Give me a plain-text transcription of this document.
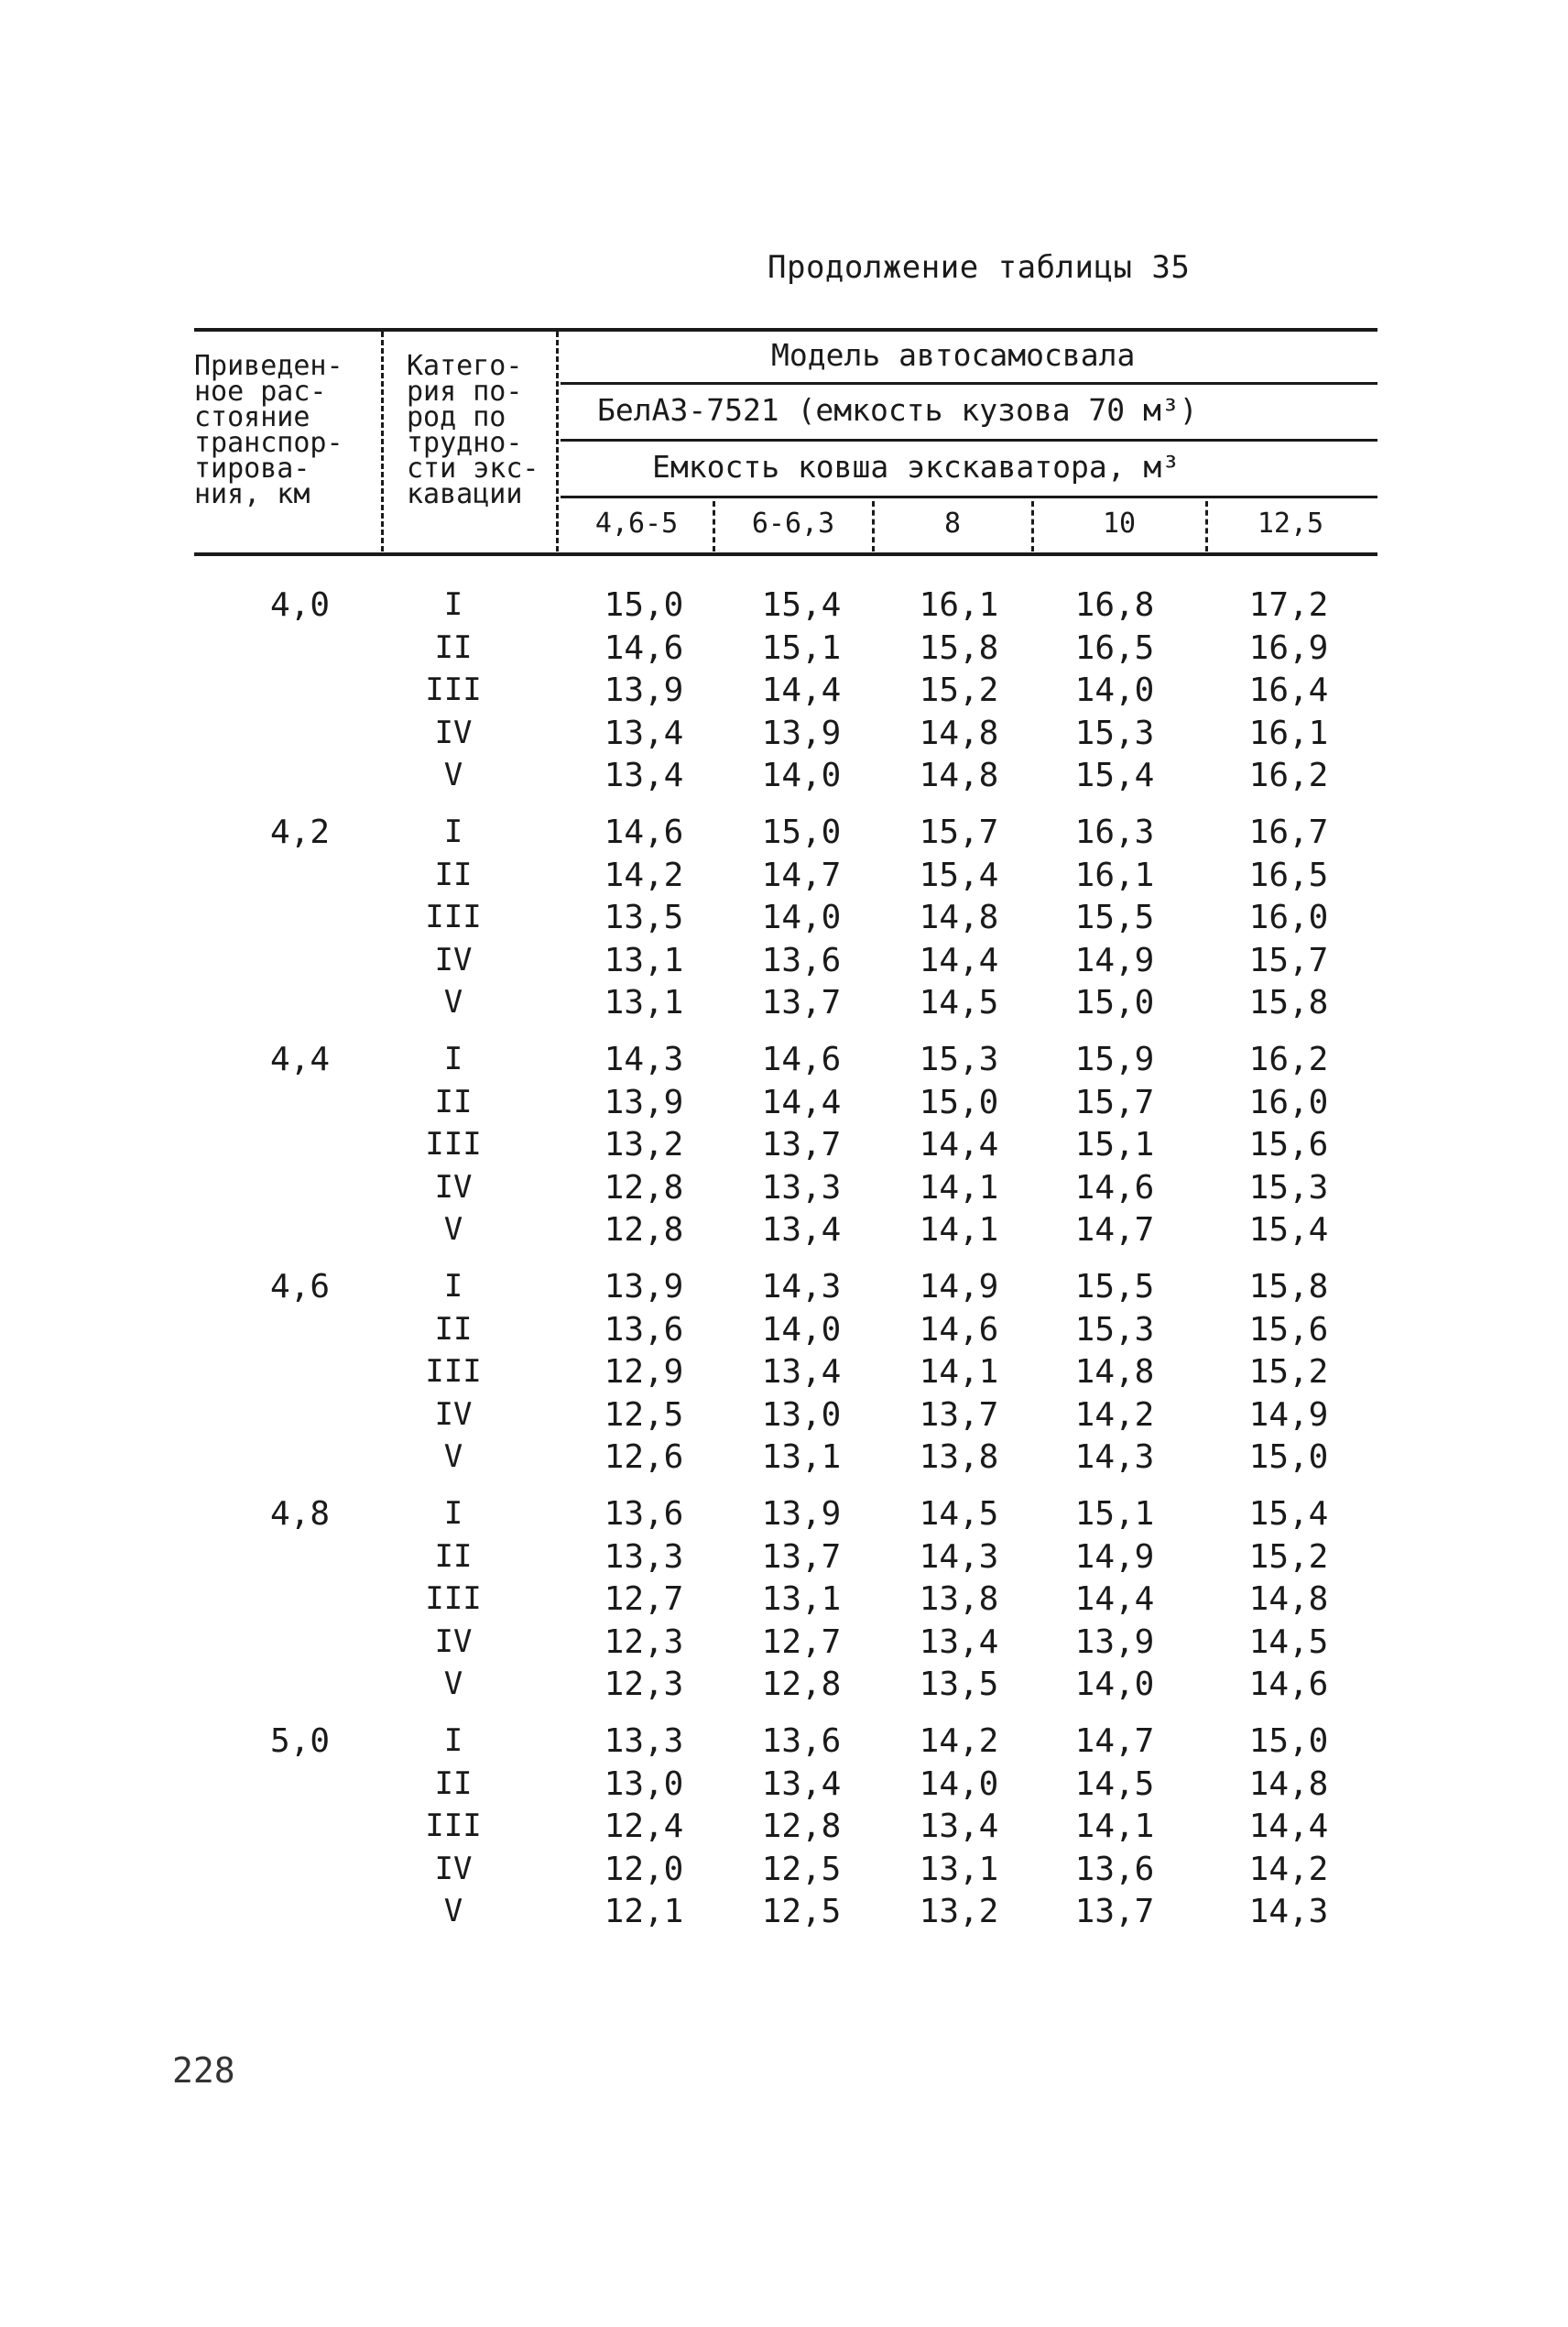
Продолжение таблицы 35
Приведен-
ное рас-
стояние
транспор-
тирова-
ния, км
Катего-
рия по-
род по
трудно-
сти экс-
кавации
Модель автосамосвала
БелАЗ-7521 (емкость кузова 70 м³)
Емкость ковша экскаватора, м³
4,6-5	6-6,3	8	10	12,5
4,0	I	15,0	15,4	16,1	16,8	17,2
II	14,6	15,1	15,8	16,5	16,9
III	13,9	14,4	15,2	14,0	16,4
IV	13,4	13,9	14,8	15,3	16,1
V	13,4	14,0	14,8	15,4	16,2
4,2	I	14,6	15,0	15,7	16,3	16,7
II	14,2	14,7	15,4	16,1	16,5
III	13,5	14,0	14,8	15,5	16,0
IV	13,1	13,6	14,4	14,9	15,7
V	13,1	13,7	14,5	15,0	15,8
4,4	I	14,3	14,6	15,3	15,9	16,2
II	13,9	14,4	15,0	15,7	16,0
III	13,2	13,7	14,4	15,1	15,6
IV	12,8	13,3	14,1	14,6	15,3
V	12,8	13,4	14,1	14,7	15,4
4,6	I	13,9	14,3	14,9	15,5	15,8
II	13,6	14,0	14,6	15,3	15,6
III	12,9	13,4	14,1	14,8	15,2
IV	12,5	13,0	13,7	14,2	14,9
V	12,6	13,1	13,8	14,3	15,0
4,8	I	13,6	13,9	14,5	15,1	15,4
II	13,3	13,7	14,3	14,9	15,2
III	12,7	13,1	13,8	14,4	14,8
IV	12,3	12,7	13,4	13,9	14,5
V	12,3	12,8	13,5	14,0	14,6
5,0	I	13,3	13,6	14,2	14,7	15,0
II	13,0	13,4	14,0	14,5	14,8
III	12,4	12,8	13,4	14,1	14,4
IV	12,0	12,5	13,1	13,6	14,2
V	12,1	12,5	13,2	13,7	14,3
228
